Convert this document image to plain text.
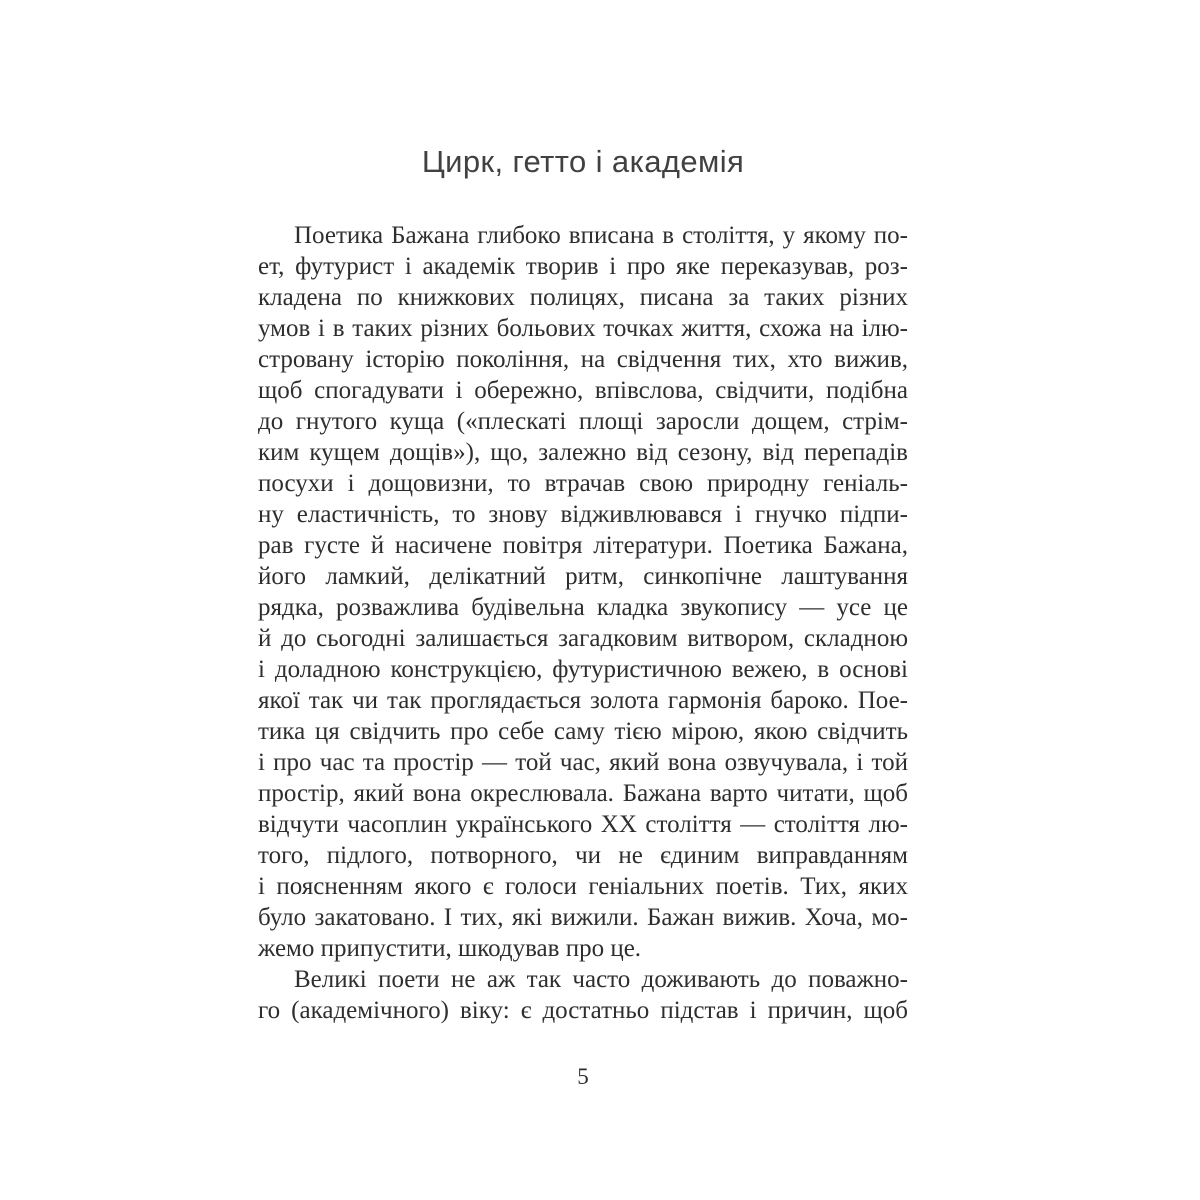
Цирк, гетто і академія
Поетика Бажана глибоко вписана в століття, у якому по-
ет, футурист і академік творив і про яке переказував, роз-
кладена по книжкових полицях, писана за таких різних
умов і в таких різних больових точках життя, схожа на ілю-
стровану історію покоління, на свідчення тих, хто вижив,
щоб спогадувати і обережно, впівслова, свідчити, подібна
до гнутого куща («плескаті площі заросли дощем, стрім-
ким кущем дощів»), що, залежно від сезону, від перепадів
посухи і дощовизни, то втрачав свою природну геніаль-
ну еластичність, то знову відживлювався і гнучко підпи-
рав густе й насичене повітря літератури. Поетика Бажана,
його ламкий, делікатний ритм, синкопічне лаштування
рядка, розважлива будівельна кладка звукопису — усе це
й до сьогодні залишається загадковим витвором, складною
і доладною конструкцією, футуристичною вежею, в основі
якої так чи так проглядається золота гармонія бароко. Пое-
тика ця свідчить про себе саму тією мірою, якою свідчить
і про час та простір — той час, який вона озвучувала, і той
простір, який вона окреслювала. Бажана варто читати, щоб
відчути часоплин українського ХХ століття — століття лю-
того, підлого, потворного, чи не єдиним виправданням
і поясненням якого є голоси геніальних поетів. Тих, яких
було закатовано. І тих, які вижили. Бажан вижив. Хоча, мо-
жемо припустити, шкодував про це.
Великі поети не аж так часто доживають до поважно-
го (академічного) віку: є достатньо підстав і причин, щоб
5
